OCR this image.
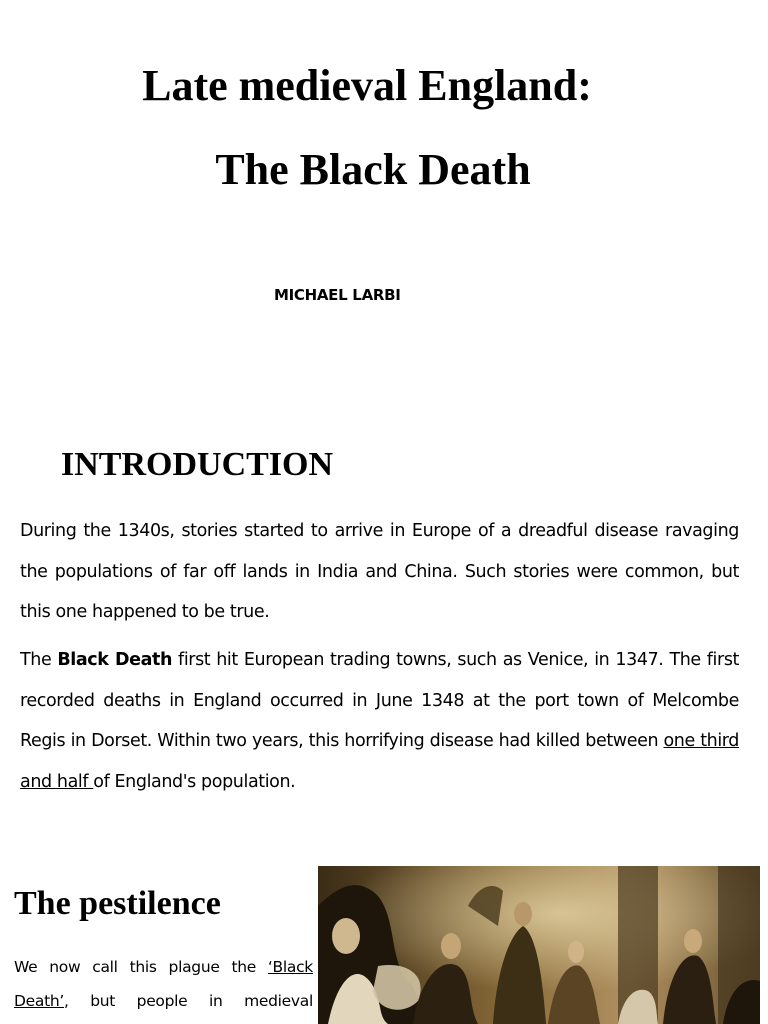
Late medieval England:
The Black Death
MICHAEL LARBI
INTRODUCTION

During the 1340s, stories started to arrive in Europe of a dreadful disease ravaging the populations of far off lands in India and China. Such stories were common, but this one happened to be true.

The Black Death first hit European trading towns, such as Venice, in 1347. The first recorded deaths in England occurred in June 1348 at the port town of Melcombe Regis in Dorset. Within two years, this horrifying disease had killed between one third and half of England's population.

The pestilence

We now call this plague the ‘Black Death’, but people in medieval
